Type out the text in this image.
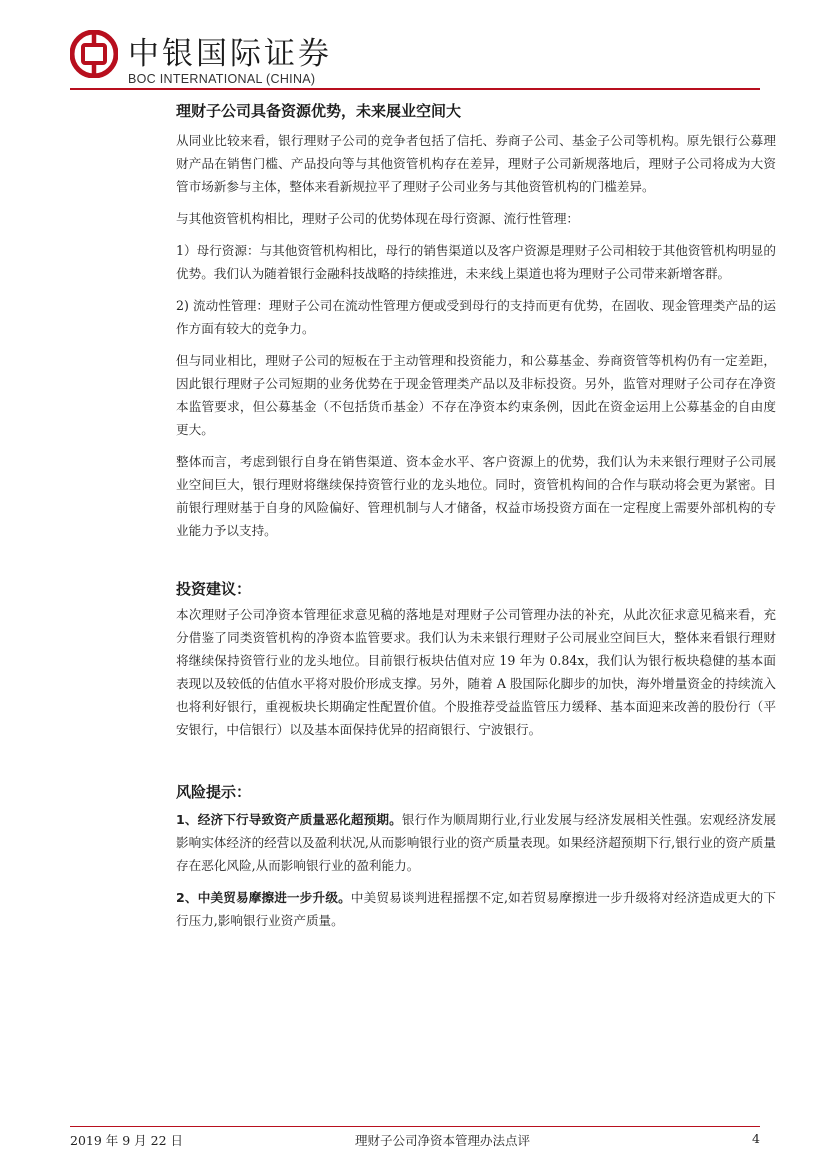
中银国际证券
BOC INTERNATIONAL (CHINA)
理财子公司具备资源优势，未来展业空间大

从同业比较来看，银行理财子公司的竞争者包括了信托、券商子公司、基金子公司等机构。原先银行公募理财产品在销售门槛、产品投向等与其他资管机构存在差异，理财子公司新规落地后，理财子公司将成为大资管市场新参与主体，整体来看新规拉平了理财子公司业务与其他资管机构的门槛差异。

与其他资管机构相比，理财子公司的优势体现在母行资源、流行性管理：

1）母行资源：与其他资管机构相比，母行的销售渠道以及客户资源是理财子公司相较于其他资管机构明显的优势。我们认为随着银行金融科技战略的持续推进，未来线上渠道也将为理财子公司带来新增客群。

2) 流动性管理：理财子公司在流动性管理方便或受到母行的支持而更有优势，在固收、现金管理类产品的运作方面有较大的竞争力。

但与同业相比，理财子公司的短板在于主动管理和投资能力，和公募基金、券商资管等机构仍有一定差距，因此银行理财子公司短期的业务优势在于现金管理类产品以及非标投资。另外，监管对理财子公司存在净资本监管要求，但公募基金（不包括货币基金）不存在净资本约束条例，因此在资金运用上公募基金的自由度更大。

整体而言，考虑到银行自身在销售渠道、资本金水平、客户资源上的优势，我们认为未来银行理财子公司展业空间巨大，银行理财将继续保持资管行业的龙头地位。同时，资管机构间的合作与联动将会更为紧密。目前银行理财基于自身的风险偏好、管理机制与人才储备，权益市场投资方面在一定程度上需要外部机构的专业能力予以支持。

投资建议：

本次理财子公司净资本管理征求意见稿的落地是对理财子公司管理办法的补充，从此次征求意见稿来看，充分借鉴了同类资管机构的净资本监管要求。我们认为未来银行理财子公司展业空间巨大，整体来看银行理财将继续保持资管行业的龙头地位。目前银行板块估值对应 19 年为 0.84x，我们认为银行板块稳健的基本面表现以及较低的估值水平将对股价形成支撑。另外，随着 A 股国际化脚步的加快，海外增量资金的持续流入也将利好银行，重视板块长期确定性配置价值。个股推荐受益监管压力缓释、基本面迎来改善的股份行（平安银行，中信银行）以及基本面保持优异的招商银行、宁波银行。

风险提示：

1、经济下行导致资产质量恶化超预期。银行作为顺周期行业,行业发展与经济发展相关性强。宏观经济发展影响实体经济的经营以及盈利状况,从而影响银行业的资产质量表现。如果经济超预期下行,银行业的资产质量存在恶化风险,从而影响银行业的盈利能力。

2、中美贸易摩擦进一步升级。中美贸易谈判进程摇摆不定,如若贸易摩擦进一步升级将对经济造成更大的下行压力,影响银行业资产质量。

2019 年 9 月 22 日	理财子公司净资本管理办法点评	4
